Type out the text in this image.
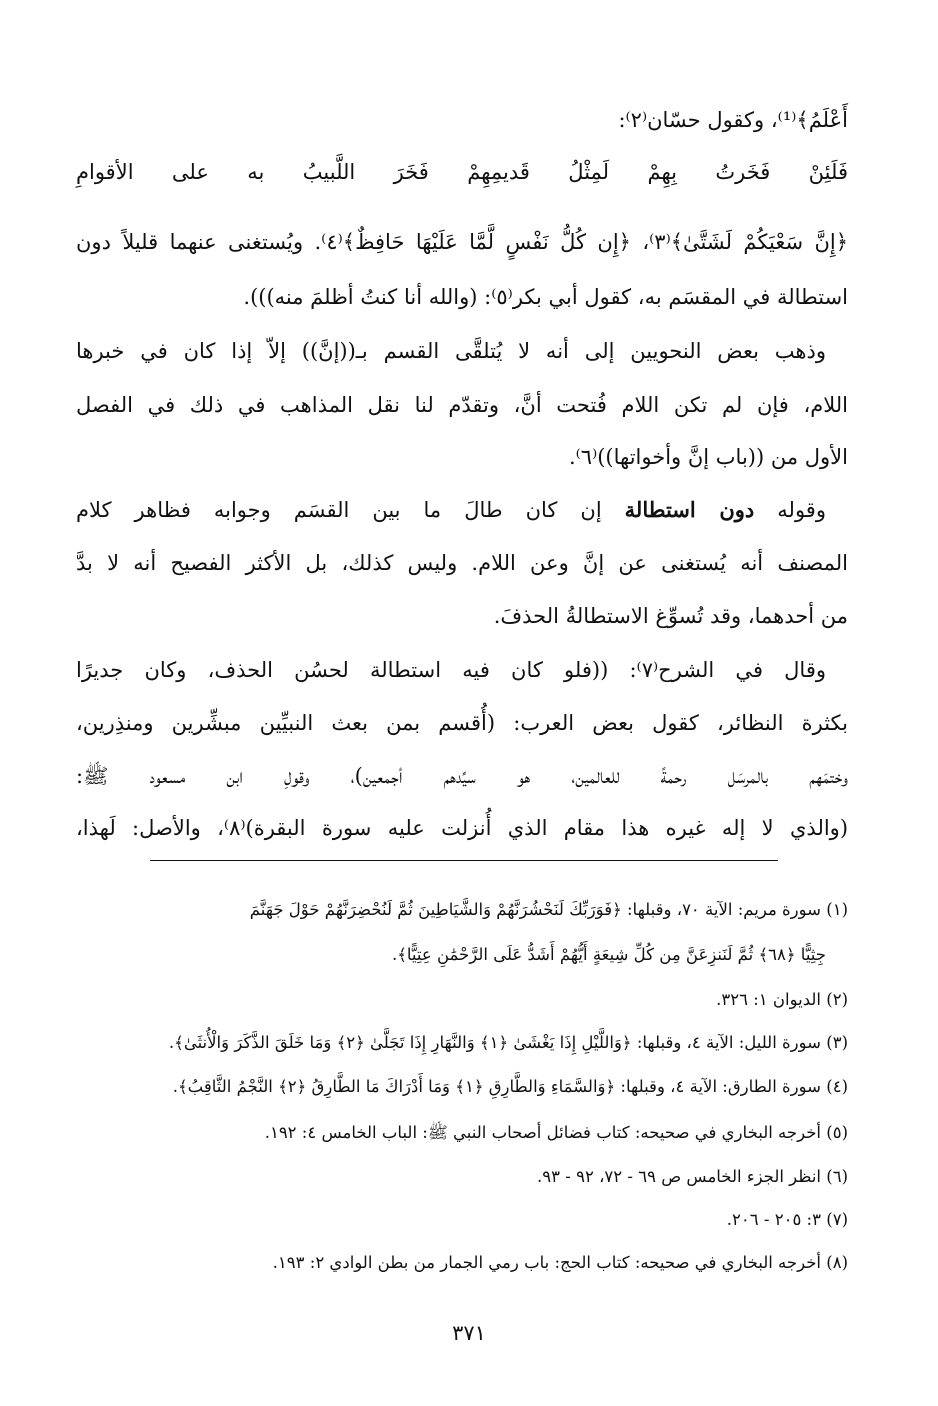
أَعْلَمُ﴾⁽¹⁾، وكقول حسّان⁽٢⁾:
فَلَئِنْ فَخَرتُ بِهِمْ لَمِثْلُ قَديمِهِمْ فَخَرَ اللَّبيبُ به على الأقوامِ
﴿إِنَّ سَعْيَكُمْ لَشَتَّىٰ﴾⁽٣⁾، ﴿إِن كُلُّ نَفْسٍ لَّمَّا عَلَيْهَا حَافِظٌ﴾⁽٤⁾. ويُستغنى عنهما قليلاً دون
استطالة في المقسَم به، كقول أبي بكر⁽٥⁾: (والله أنا كنتُ أظلمَ منه))).
وذهب بعض النحويين إلى أنه لا يُتلقَّى القسم بـ((إنَّ)) إلاّ إذا كان في خبرها
اللام، فإن لم تكن اللام فُتحت أنَّ، وتقدّم لنا نقل المذاهب في ذلك في الفصل
الأول من ((باب إنَّ وأخواتها))⁽٦⁾.
وقوله دون استطالة إن كان طالَ ما بين القسَم وجوابه فظاهر كلام
المصنف أنه يُستغنى عن إنَّ وعن اللام. وليس كذلك، بل الأكثر الفصيح أنه لا بدَّ
من أحدهما، وقد تُسوِّغ الاستطالةُ الحذفَ.
وقال في الشرح⁽٧⁾: ((فلو كان فيه استطالة لحسُن الحذف، وكان جديرًا
بكثرة النظائر، كقول بعض العرب: (أُقسم بمن بعث النبيِّين مبشِّرين ومنذِرين،
وختمَهم بالمرسَل رحمةً للعالمين، هو سيِّدهم أجمعين)، وقولِ ابن مسعود ﷺ:
(والذي لا إله غيره هذا مقام الذي أُنزلت عليه سورة البقرة)⁽٨⁾، والأصل: لَهذا،
(١) سورة مريم: الآية ٧٠، وقبلها: ﴿فَوَرَبِّكَ لَنَحْشُرَنَّهُمْ وَالشَّيَاطِينَ ثُمَّ لَنُحْضِرَنَّهُمْ حَوْلَ جَهَنَّمَ
جِثِيًّا ﴿٦٨﴾ ثُمَّ لَنَنزِعَنَّ مِن كُلِّ شِيعَةٍ أَيُّهُمْ أَشَدُّ عَلَى الرَّحْمَٰنِ عِتِيًّا﴾.
(٢) الديوان ١: ٣٢٦.
(٣) سورة الليل: الآية ٤، وقبلها: ﴿وَاللَّيْلِ إِذَا يَغْشَىٰ ﴿١﴾ وَالنَّهَارِ إِذَا تَجَلَّىٰ ﴿٢﴾ وَمَا خَلَقَ الذَّكَرَ وَالْأُنثَىٰ﴾.
(٤) سورة الطارق: الآية ٤، وقبلها: ﴿وَالسَّمَاءِ وَالطَّارِقِ ﴿١﴾ وَمَا أَدْرَاكَ مَا الطَّارِقُ ﴿٢﴾ النَّجْمُ الثَّاقِبُ﴾.
(٥) أخرجه البخاري في صحيحه: كتاب فضائل أصحاب النبي ﷺ: الباب الخامس ٤: ١٩٢.
(٦) انظر الجزء الخامس ص ٦٩ - ٧٢، ٩٢ - ٩٣.
(٧) ٣: ٢٠٥ - ٢٠٦.
(٨) أخرجه البخاري في صحيحه: كتاب الحج: باب رمي الجمار من بطن الوادي ٢: ١٩٣.
٣٧١
